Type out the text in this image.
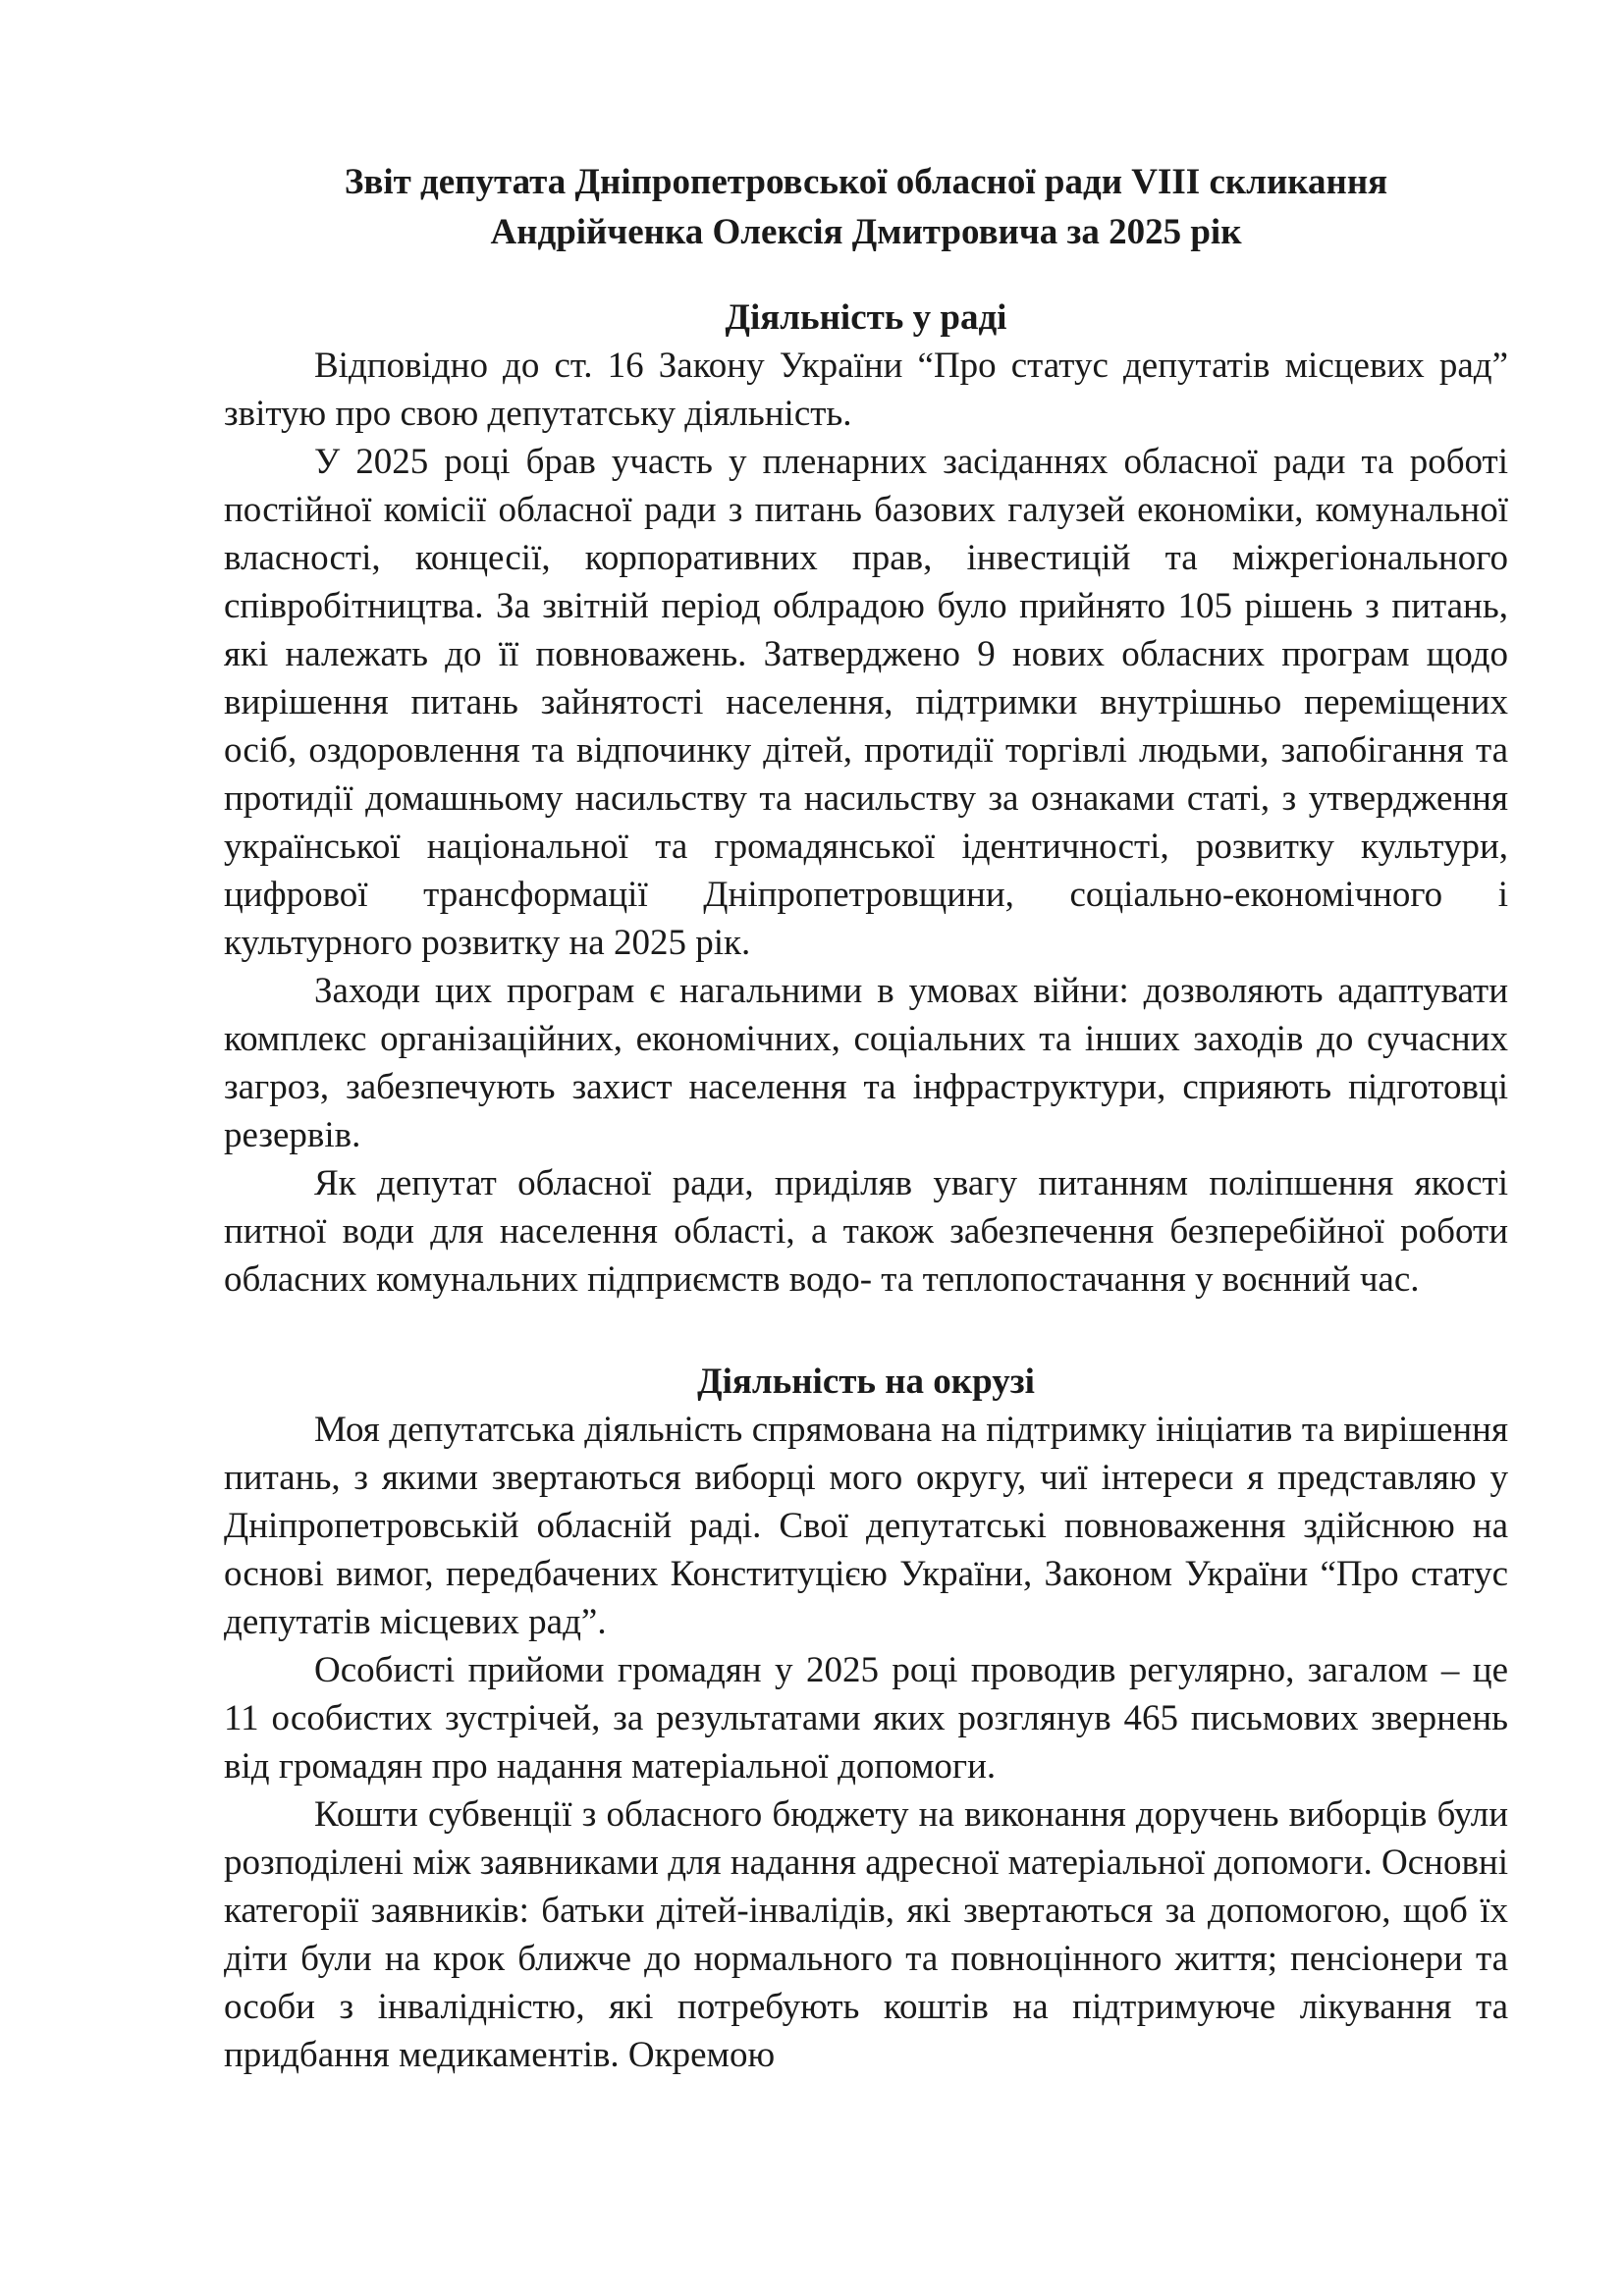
Звіт депутата Дніпропетровської обласної ради VIII скликання
Андрійченка Олексія Дмитровича за 2025 рік
Діяльність у раді

Відповідно до ст. 16 Закону України “Про статус депутатів місцевих рад” звітую про свою депутатську діяльність.

У 2025 році брав участь у пленарних засіданнях обласної ради та роботі постійної комісії обласної ради з питань базових галузей економіки, комунальної власності, концесії, корпоративних прав, інвестицій та міжрегіонального співробітництва. За звітній період облрадою було прийнято 105 рішень з питань, які належать до її повноважень. Затверджено 9 нових обласних програм щодо вирішення питань зайнятості населення, підтримки внутрішньо переміщених осіб, оздоровлення та відпочинку дітей, протидії торгівлі людьми, запобігання та протидії домашньому насильству та насильству за ознаками статі, з утвердження української національної та громадянської ідентичності, розвитку культури, цифрової трансформації Дніпропетровщини, соціально-економічного і культурного розвитку на 2025 рік.

Заходи цих програм є нагальними в умовах війни: дозволяють адаптувати комплекс організаційних, економічних, соціальних та інших заходів до сучасних загроз, забезпечують захист населення та інфраструктури, сприяють підготовці резервів.

Як депутат обласної ради, приділяв увагу питанням поліпшення якості питної води для населення області, а також забезпечення безперебійної роботи обласних комунальних підприємств водо- та теплопостачання у воєнний час.

Діяльність на окрузі

Моя депутатська діяльність спрямована на підтримку ініціатив та вирішення питань, з якими звертаються виборці мого округу, чиї інтереси я представляю у Дніпропетровській обласній раді. Свої депутатські повноваження здійснюю на основі вимог, передбачених Конституцією України, Законом України “Про статус депутатів місцевих рад”.

Особисті прийоми громадян у 2025 році проводив регулярно, загалом – це 11 особистих зустрічей, за результатами яких розглянув 465 письмових звернень від громадян про надання матеріальної допомоги.

Кошти субвенції з обласного бюджету на виконання доручень виборців були розподілені між заявниками для надання адресної матеріальної допомоги. Основні категорії заявників: батьки дітей-інвалідів, які звертаються за допомогою, щоб їх діти були на крок ближче до нормального та повноцінного життя; пенсіонери та особи з інвалідністю, які потребують коштів на підтримуюче лікування та придбання медикаментів. Окремою
